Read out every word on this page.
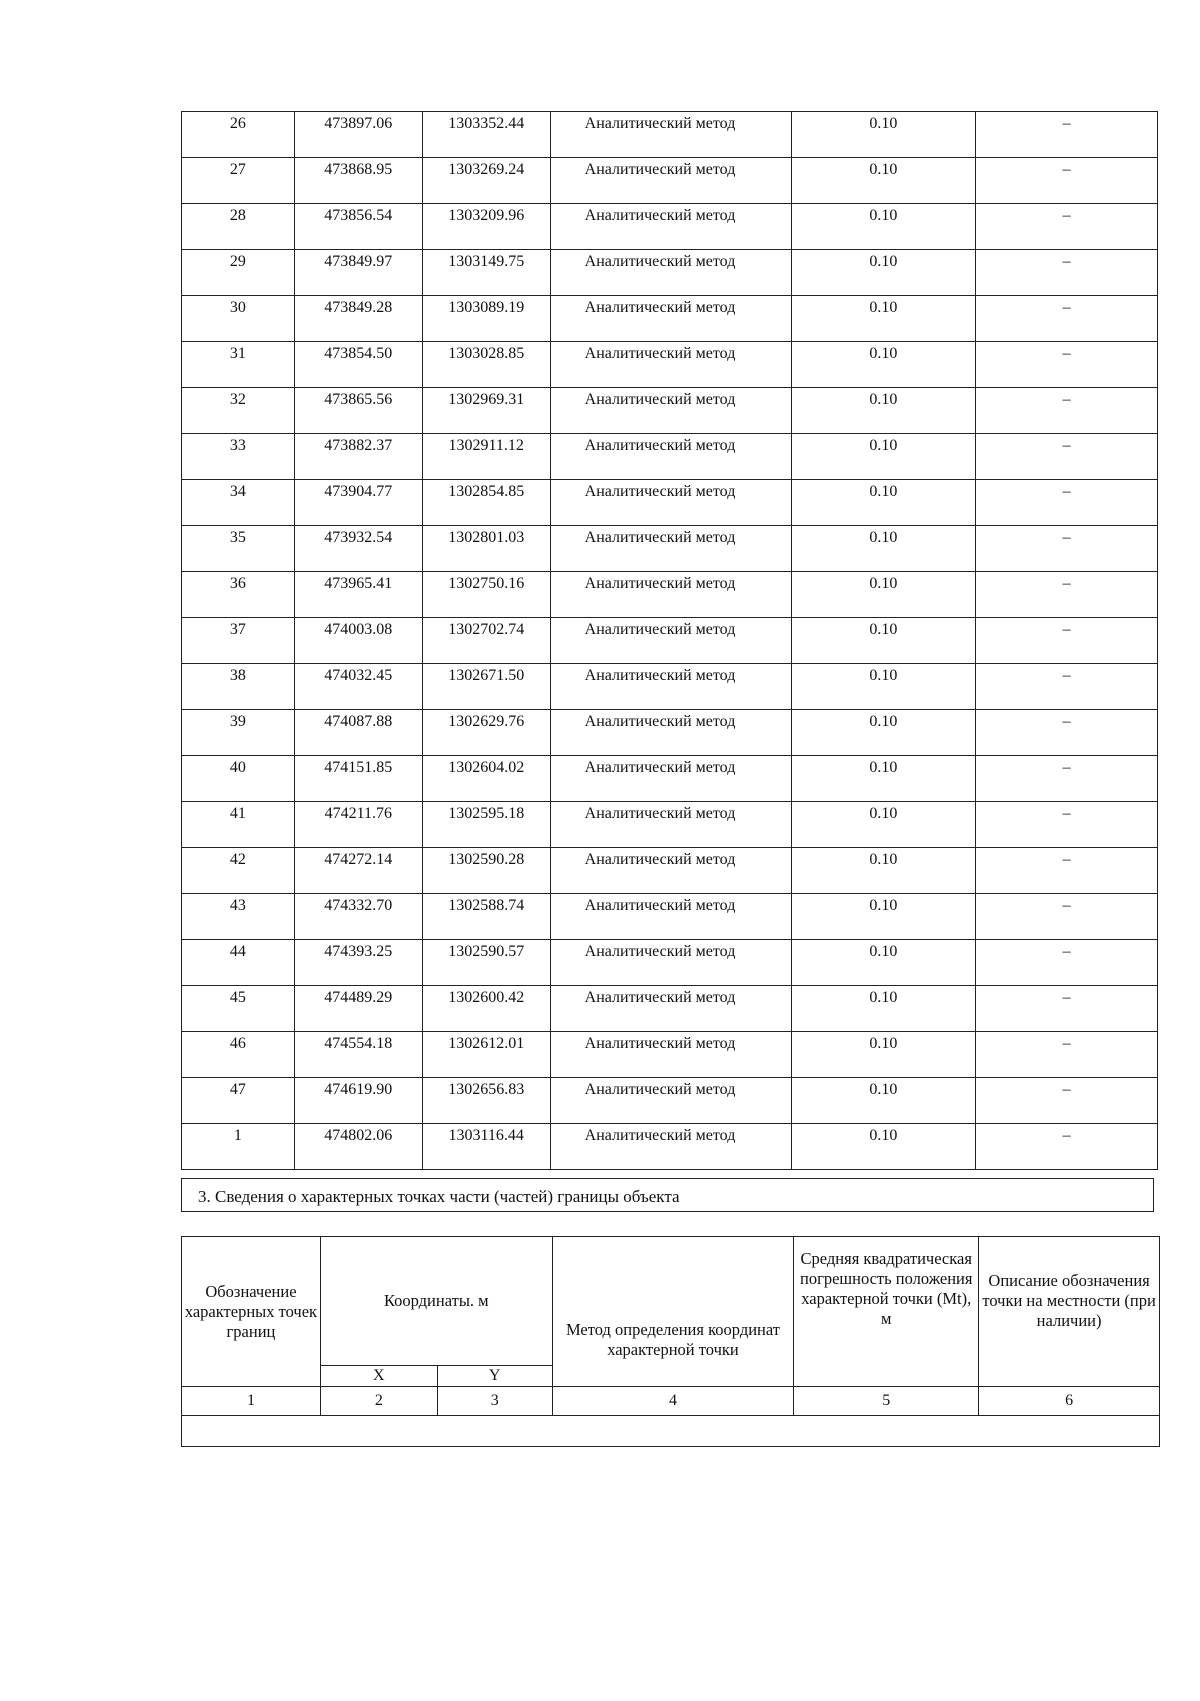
26	473897.06	1303352.44	Аналитический метод	0.10	–
27	473868.95	1303269.24	Аналитический метод	0.10	–
28	473856.54	1303209.96	Аналитический метод	0.10	–
29	473849.97	1303149.75	Аналитический метод	0.10	–
30	473849.28	1303089.19	Аналитический метод	0.10	–
31	473854.50	1303028.85	Аналитический метод	0.10	–
32	473865.56	1302969.31	Аналитический метод	0.10	–
33	473882.37	1302911.12	Аналитический метод	0.10	–
34	473904.77	1302854.85	Аналитический метод	0.10	–
35	473932.54	1302801.03	Аналитический метод	0.10	–
36	473965.41	1302750.16	Аналитический метод	0.10	–
37	474003.08	1302702.74	Аналитический метод	0.10	–
38	474032.45	1302671.50	Аналитический метод	0.10	–
39	474087.88	1302629.76	Аналитический метод	0.10	–
40	474151.85	1302604.02	Аналитический метод	0.10	–
41	474211.76	1302595.18	Аналитический метод	0.10	–
42	474272.14	1302590.28	Аналитический метод	0.10	–
43	474332.70	1302588.74	Аналитический метод	0.10	–
44	474393.25	1302590.57	Аналитический метод	0.10	–
45	474489.29	1302600.42	Аналитический метод	0.10	–
46	474554.18	1302612.01	Аналитический метод	0.10	–
47	474619.90	1302656.83	Аналитический метод	0.10	–
1	474802.06	1303116.44	Аналитический метод	0.10	–
3. Сведения о характерных точках части (частей) границы объекта
Обозначение характерных точек границ	Координаты. м		Метод определения координат характерной точки	Средняя квадратическая погрешность положения характерной точки (Mt), м	Описание обозначения точки на местности (при наличии)
	X	Y			
1	2	3	4	5	6
